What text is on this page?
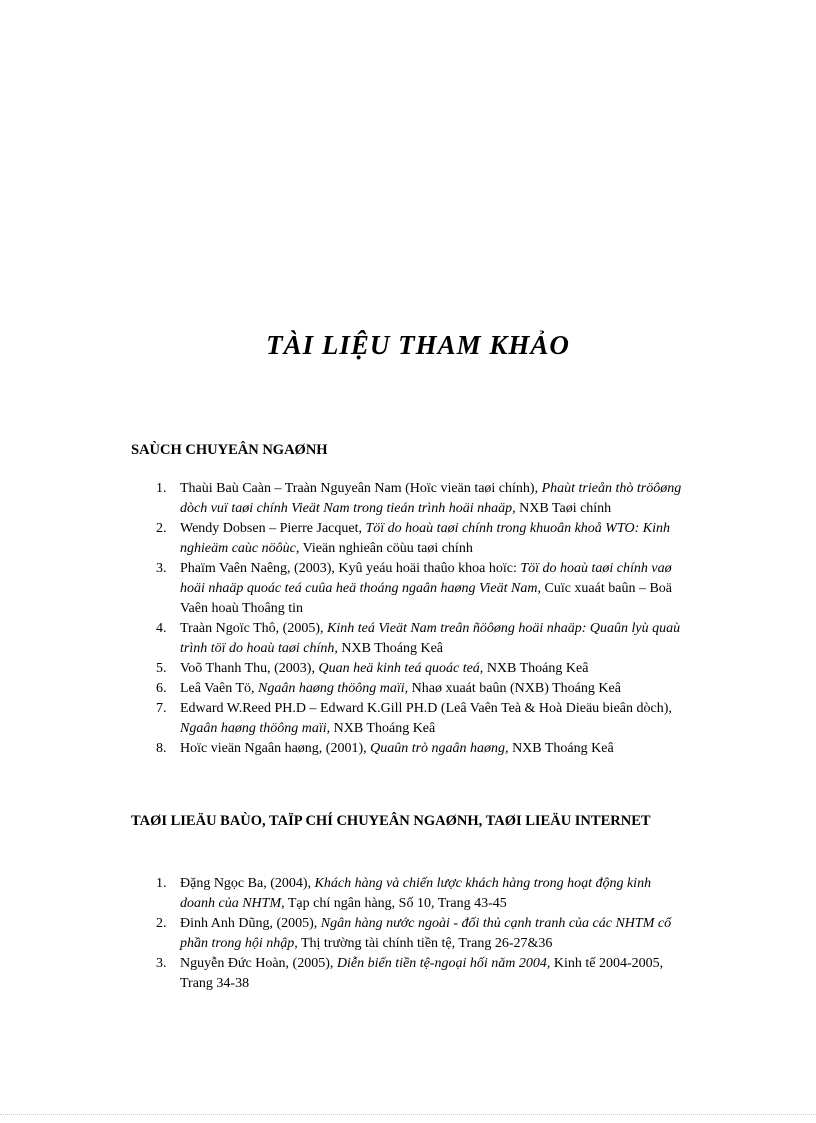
TÀI LIỆU THAM KHẢO
SAÙCH CHUYEÂN NGAØNH
1. Thaùi Baù Caàn – Traàn Nguyeân Nam (Hoïc vieän taøi chính), Phaùt trieån thò tröôøng dòch vuï taøi chính Vieät Nam trong tieán trình hoäi nhaäp, NXB Taøi chính
2. Wendy Dobsen – Pierre Jacquet, Töï do hoaù taøi chính trong khuoân khoå WTO: Kinh nghieäm caùc nöôùc, Vieän nghieân cöùu taøi chính
3. Phaïm Vaên Naêng, (2003), Kyû yeáu hoäi thaûo khoa hoïc: Töï do hoaù taøi chính vaø hoäi nhaäp quoác teá cuûa heä thoáng ngaân haøng Vieät Nam, Cuïc xuaát baûn – Boä Vaên hoaù Thoâng tin
4. Traàn Ngoïc Thô, (2005), Kinh teá Vieät Nam treân ñöôøng hoäi nhaäp: Quaûn lyù quaù trình töï do hoaù taøi chính, NXB Thoáng Keâ
5. Voõ Thanh Thu, (2003), Quan heä kinh teá quoác teá, NXB Thoáng Keâ
6. Leâ Vaên Tö, Ngaân haøng thöông maïi, Nhaø xuaát baûn (NXB) Thoáng Keâ
7. Edward W.Reed PH.D – Edward K.Gill PH.D (Leâ Vaên Teà & Hoà Dieäu bieân dòch), Ngaân haøng thöông maïi, NXB Thoáng Keâ
8. Hoïc vieän Ngaân haøng, (2001), Quaûn trò ngaân haøng, NXB Thoáng Keâ
TAØI LIEÄU BAÙO, TAÏP CHÍ CHUYEÂN NGAØNH, TAØI LIEÄU INTERNET
1. Đặng Ngọc Ba, (2004), Khách hàng và chiến lược khách hàng trong hoạt động kinh doanh của NHTM, Tạp chí ngân hàng, Số 10, Trang 43-45
2. Đinh Anh Dũng, (2005), Ngân hàng nước ngoài - đối thủ cạnh tranh của các NHTM cổ phần trong hội nhập, Thị trường tài chính tiền tệ, Trang 26-27&36
3. Nguyễn Đức Hoàn, (2005), Diễn biến tiền tệ-ngoại hối năm 2004, Kinh tế 2004-2005, Trang 34-38
